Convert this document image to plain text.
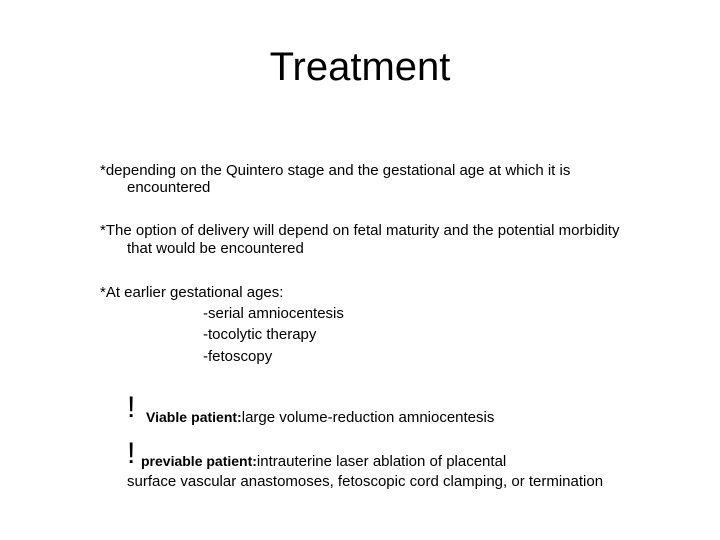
Treatment
*depending on the Quintero stage and the gestational age at which it is
encountered
*The option of delivery will depend on fetal maturity and the potential morbidity
that would be encountered
*At earlier gestational ages:
-serial amniocentesis
-tocolytic therapy
-fetoscopy
! Viable patient:large volume-reduction amniocentesis
! previable patient:intrauterine laser ablation of placental
surface vascular anastomoses, fetoscopic cord clamping, or termination
